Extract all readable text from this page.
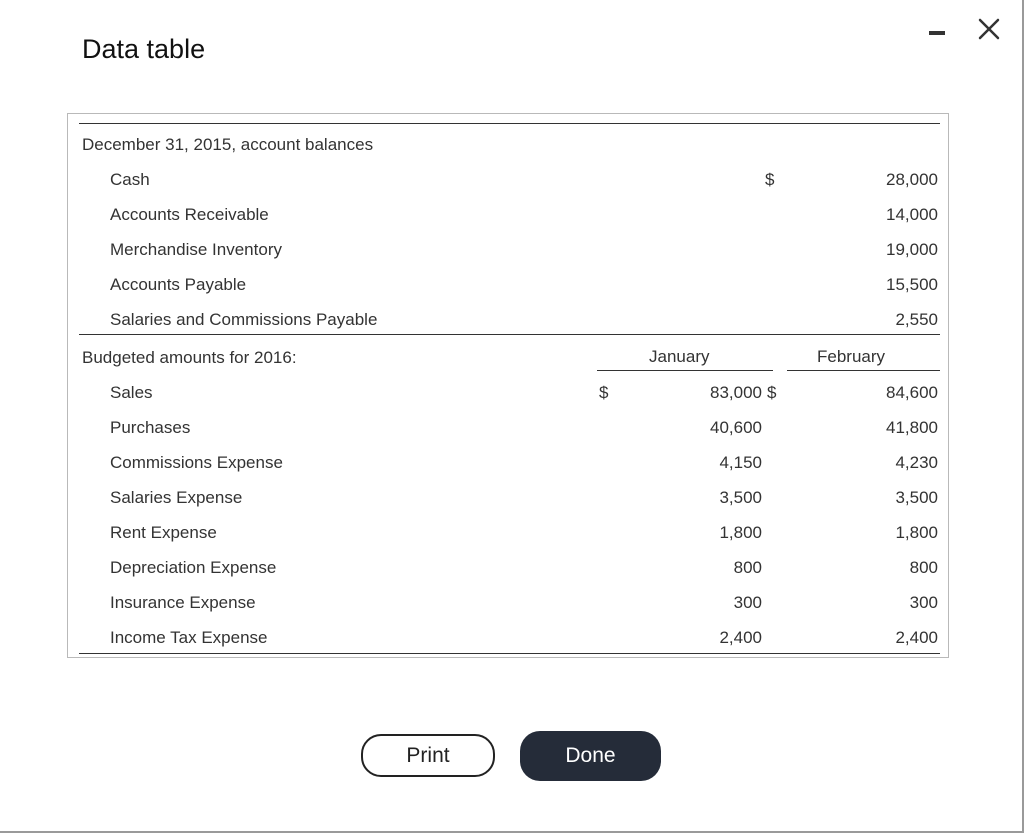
Data table
December 31, 2015, account balances
Cash	$	28,000
Accounts Receivable	14,000
Merchandise Inventory	19,000
Accounts Payable	15,500
Salaries and Commissions Payable	2,550
Budgeted amounts for 2016:	January	February
Sales	$	83,000 $	84,600
Purchases	40,600	41,800
Commissions Expense	4,150	4,230
Salaries Expense	3,500	3,500
Rent Expense	1,800	1,800
Depreciation Expense	800	800
Insurance Expense	300	300
Income Tax Expense	2,400	2,400
Print	Done
